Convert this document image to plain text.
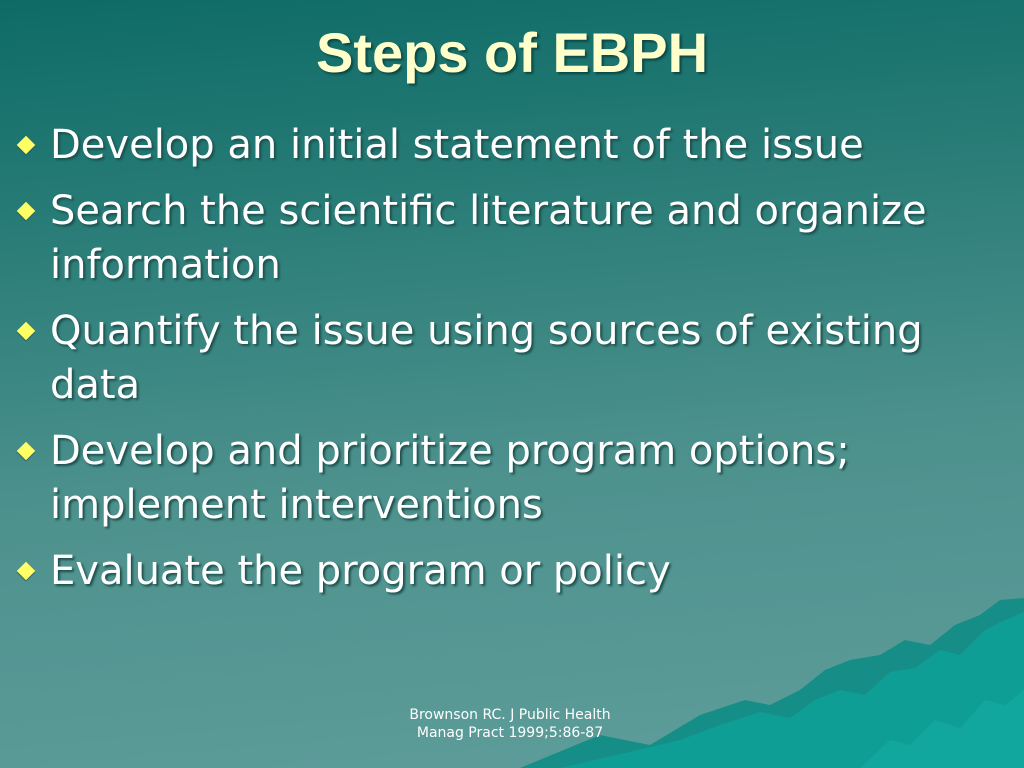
Steps of EBPH
Develop an initial statement of the issue
Search the scientific literature and organize information
Quantify the issue using sources of existing data
Develop and prioritize program options; implement interventions
Evaluate the program or policy
Brownson RC. J Public Health
Manag Pract 1999;5:86-87
